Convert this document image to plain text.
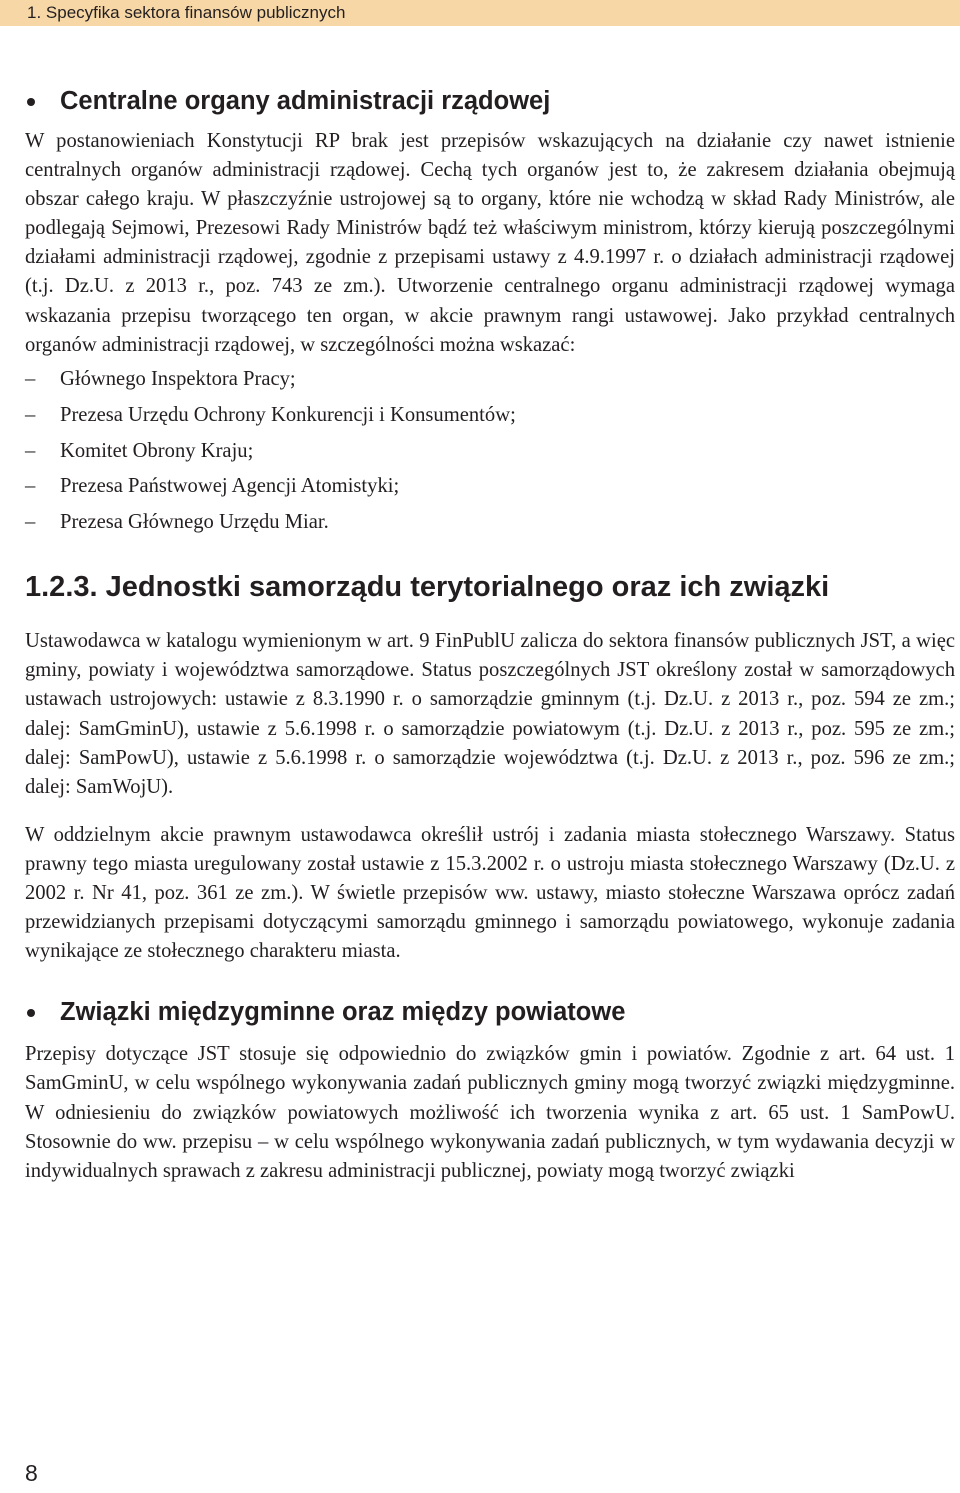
1. Specyfika sektora finansów publicznych
Centralne organy administracji rządowej

W postanowieniach Konstytucji RP brak jest przepisów wskazujących na działanie czy nawet istnienie centralnych organów administracji rządowej. Cechą tych organów jest to, że zakresem działania obejmują obszar całego kraju. W płaszczyźnie ustrojowej są to organy, które nie wchodzą w skład Rady Ministrów, ale podlegają Sejmowi, Prezesowi Rady Ministrów bądź też właściwym ministrom, którzy kierują poszczególnymi działami administracji rządowej, zgodnie z przepisami ustawy z 4.9.1997 r. o działach administracji rządowej (t.j. Dz.U. z 2013 r., poz. 743 ze zm.). Utworzenie centralnego organu administracji rządowej wymaga wskazania przepisu tworzącego ten organ, w akcie prawnym rangi ustawowej. Jako przykład centralnych organów administracji rządowej, w szczególności można wskazać:

– Głównego Inspektora Pracy;
– Prezesa Urzędu Ochrony Konkurencji i Konsumentów;
– Komitet Obrony Kraju;
– Prezesa Państwowej Agencji Atomistyki;
– Prezesa Głównego Urzędu Miar.
1.2.3. Jednostki samorządu terytorialnego oraz ich związki

Ustawodawca w katalogu wymienionym w art. 9 FinPublU zalicza do sektora finansów publicznych JST, a więc gminy, powiaty i województwa samorządowe. Status poszczególnych JST określony został w samorządowych ustawach ustrojowych: ustawie z 8.3.1990 r. o samorządzie gminnym (t.j. Dz.U. z 2013 r., poz. 594 ze zm.; dalej: SamGminU), ustawie z 5.6.1998 r. o samorządzie powiatowym (t.j. Dz.U. z 2013 r., poz. 595 ze zm.; dalej: SamPowU), ustawie z 5.6.1998 r. o samorządzie województwa (t.j. Dz.U. z 2013 r., poz. 596 ze zm.; dalej: SamWojU).

W oddzielnym akcie prawnym ustawodawca określił ustrój i zadania miasta stołecznego Warszawy. Status prawny tego miasta uregulowany został ustawie z 15.3.2002 r. o ustroju miasta stołecznego Warszawy (Dz.U. z 2002 r. Nr 41, poz. 361 ze zm.). W świetle przepisów ww. ustawy, miasto stołeczne Warszawa oprócz zadań przewidzianych przepisami dotyczącymi samorządu gminnego i samorządu powiatowego, wykonuje zadania wynikające ze stołecznego charakteru miasta.

Związki międzygminne oraz między powiatowe

Przepisy dotyczące JST stosuje się odpowiednio do związków gmin i powiatów. Zgodnie z art. 64 ust. 1 SamGminU, w celu wspólnego wykonywania zadań publicznych gminy mogą tworzyć związki międzygminne. W odniesieniu do związków powiatowych możliwość ich tworzenia wynika z art. 65 ust. 1 SamPowU. Stosownie do ww. przepisu – w celu wspólnego wykonywania zadań publicznych, w tym wydawania decyzji w indywidualnych sprawach z zakresu administracji publicznej, powiaty mogą tworzyć związki

8
